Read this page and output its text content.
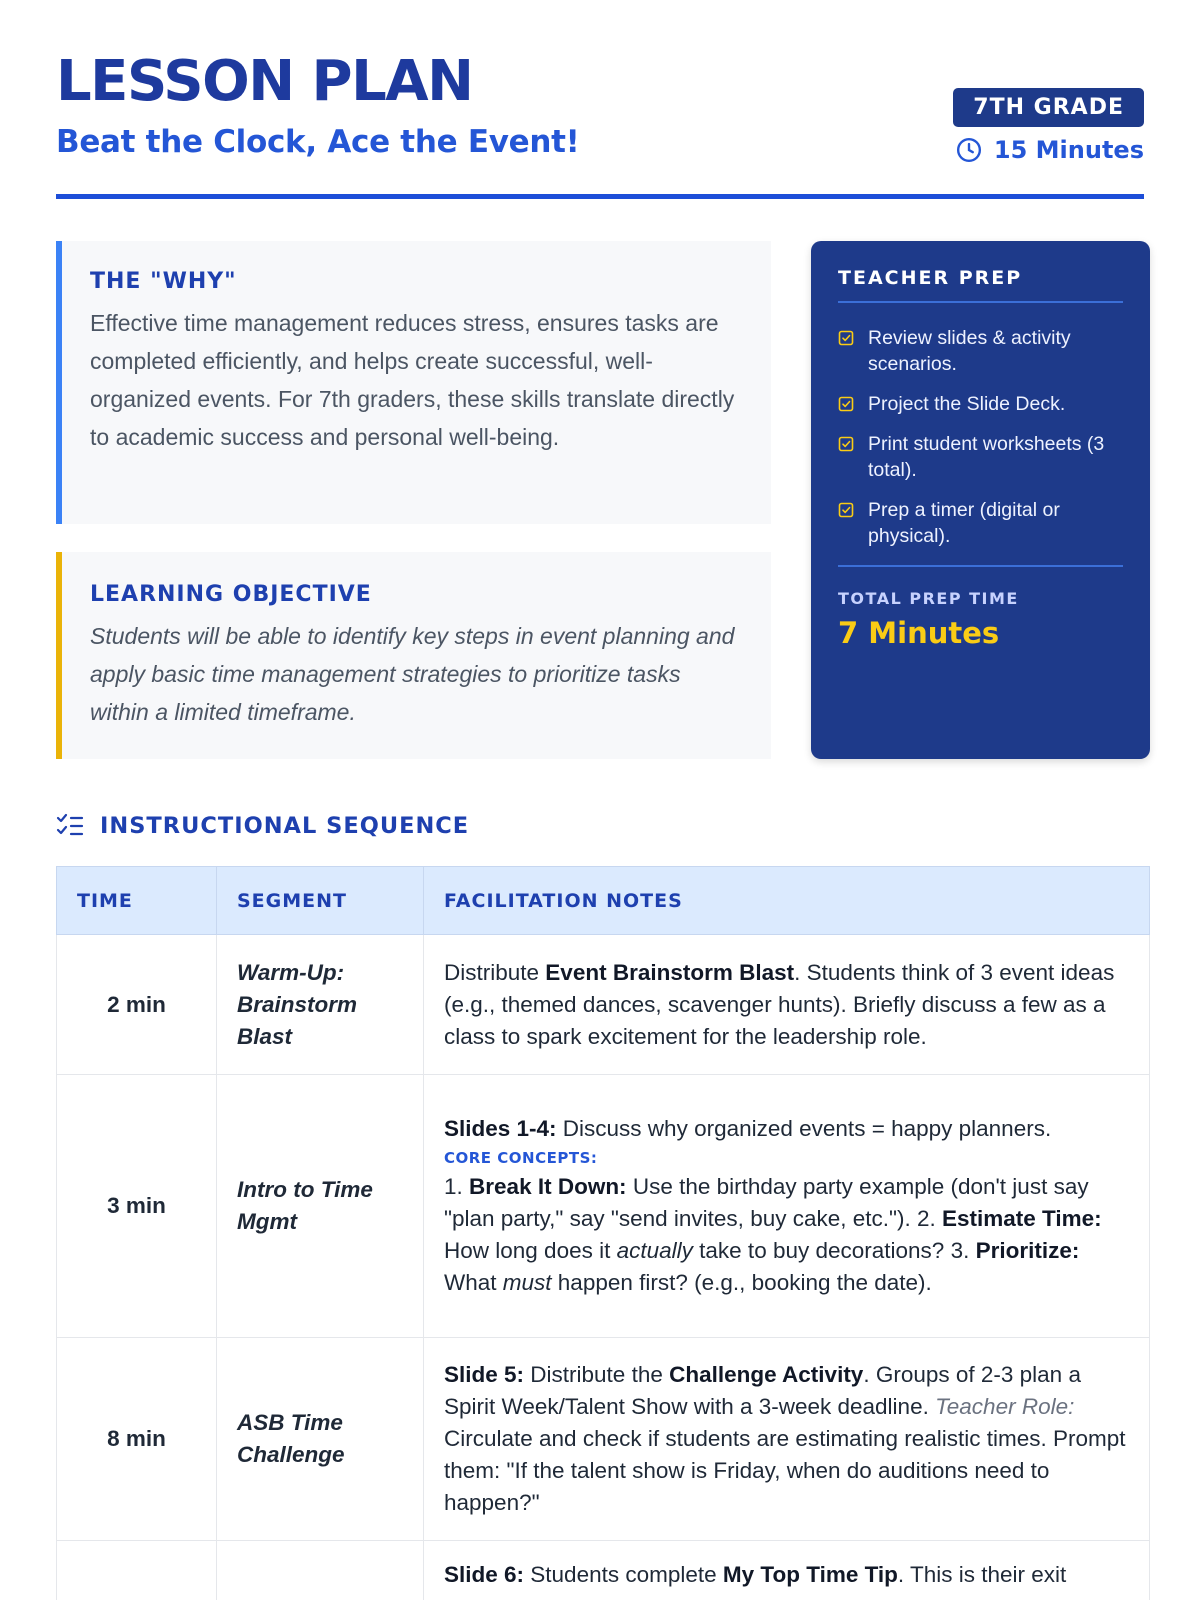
LESSON PLAN
Beat the Clock, Ace the Event!
7TH GRADE
15 Minutes
THE "WHY"
Effective time management reduces stress, ensures tasks are completed efficiently, and helps create successful, well-organized events. For 7th graders, these skills translate directly to academic success and personal well-being.
LEARNING OBJECTIVE
Students will be able to identify key steps in event planning and apply basic time management strategies to prioritize tasks within a limited timeframe.
TEACHER PREP
Review slides & activity scenarios.
Project the Slide Deck.
Print student worksheets (3 total).
Prep a timer (digital or physical).
TOTAL PREP TIME
7 Minutes
INSTRUCTIONAL SEQUENCE
TIME	SEGMENT	FACILITATION NOTES
2 min	Warm-Up: Brainstorm Blast	Distribute Event Brainstorm Blast. Students think of 3 event ideas (e.g., themed dances, scavenger hunts). Briefly discuss a few as a class to spark excitement for the leadership role.
3 min	Intro to Time Mgmt	Slides 1-4: Discuss why organized events = happy planners.
CORE CONCEPTS:
1. Break It Down: Use the birthday party example (don't just say "plan party," say "send invites, buy cake, etc."). 2. Estimate Time: How long does it actually take to buy decorations? 3. Prioritize: What must happen first? (e.g., booking the date).
8 min	ASB Time Challenge	Slide 5: Distribute the Challenge Activity. Groups of 2-3 plan a Spirit Week/Talent Show with a 3-week deadline. Teacher Role: Circulate and check if students are estimating realistic times. Prompt them: "If the talent show is Friday, when do auditions need to happen?"
		Slide 6: Students complete My Top Time Tip. This is their exit
